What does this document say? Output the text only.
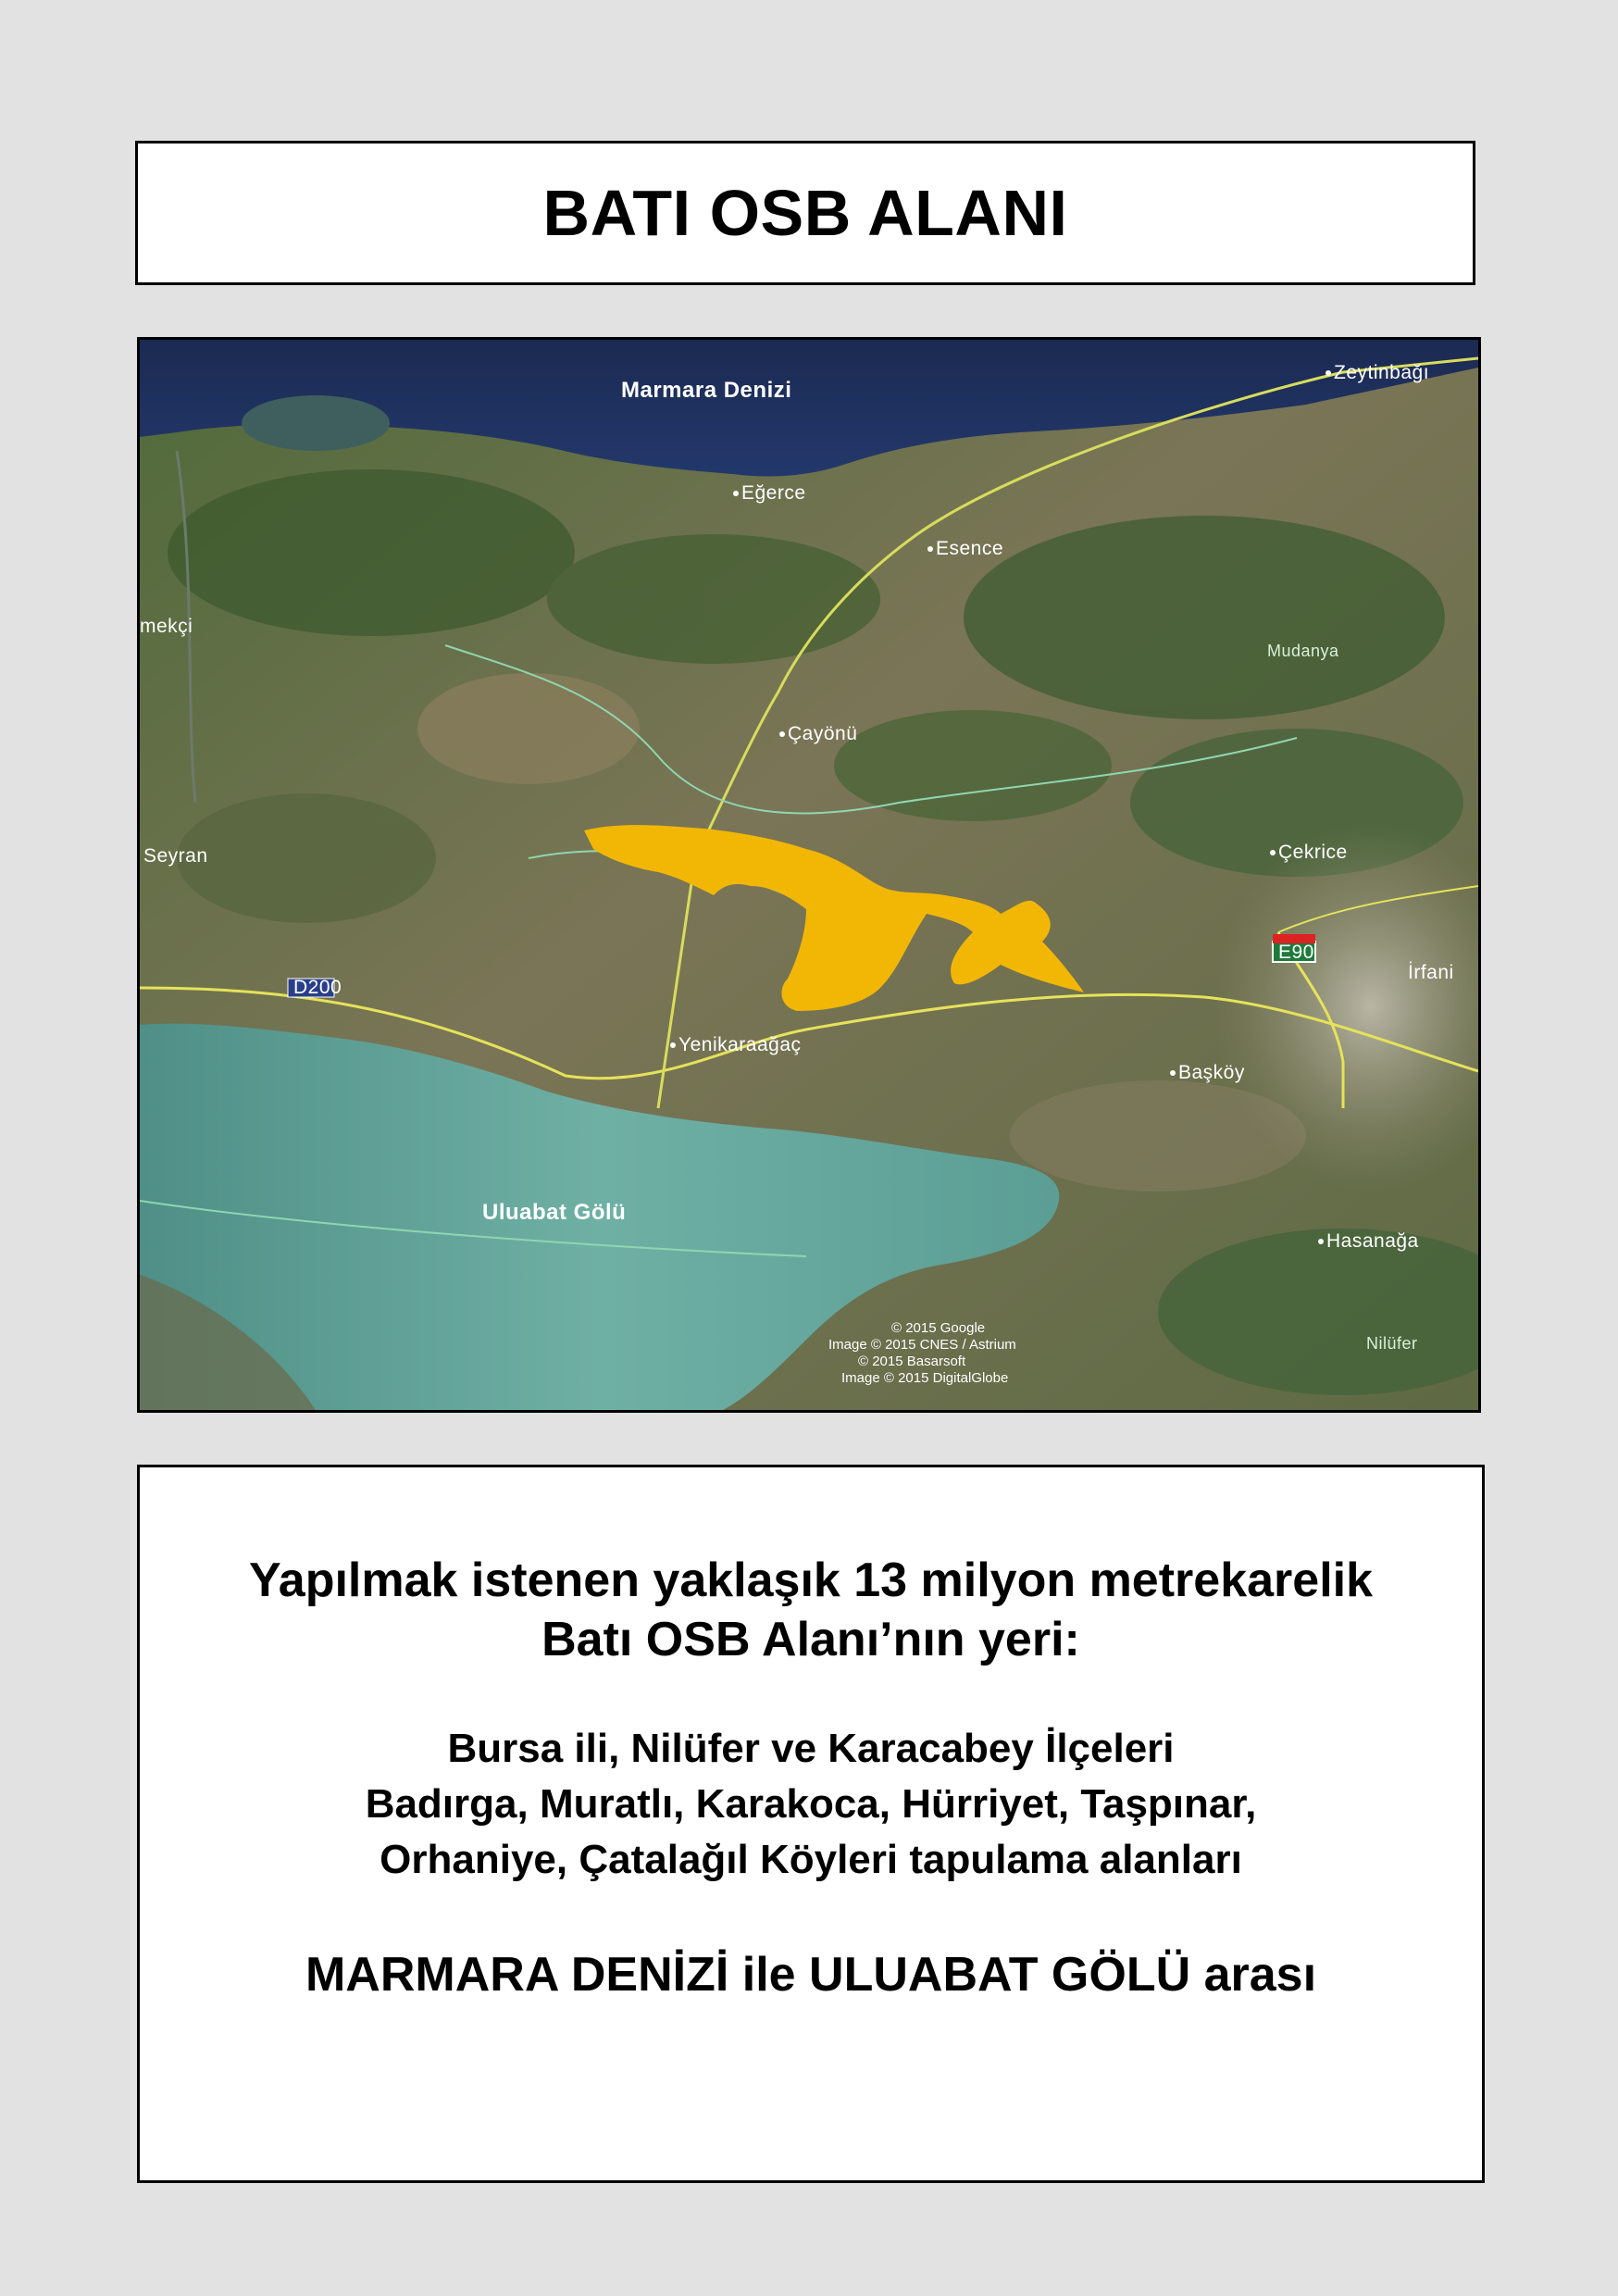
BATI OSB ALANI
E90
D200
Marmara Denizi
Uluabat Gölü
Zeytinbağı
Eğerce
Esence
mekçi
Mudanya
Çayönü
Çekrice
Seyran
İrfani
Yenikaraağaç
Başköy
Hasanağa
Nilüfer
© 2015 Google
Image © 2015 CNES / Astrium
© 2015 Basarsoft
Image © 2015 DigitalGlobe
Yapılmak istenen yaklaşık 13 milyon metrekarelik
Batı OSB Alanı’nın yeri:
Bursa ili, Nilüfer ve Karacabey İlçeleri
Badırga, Muratlı, Karakoca, Hürriyet, Taşpınar,
Orhaniye, Çatalağıl Köyleri tapulama alanları
MARMARA DENİZİ ile ULUABAT GÖLÜ arası
